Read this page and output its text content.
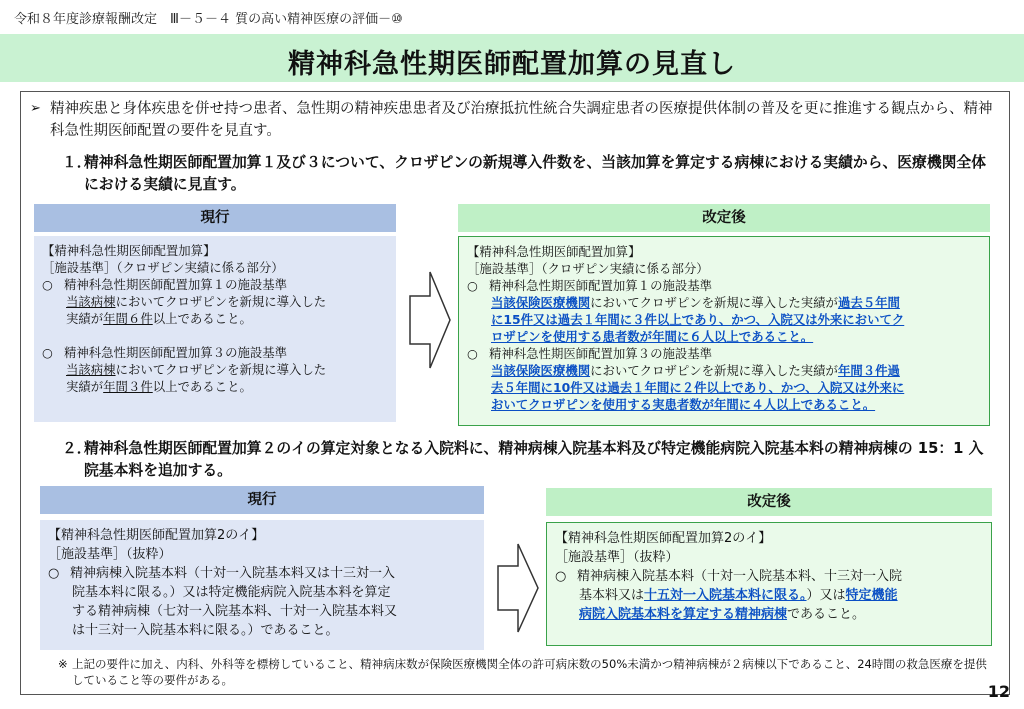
令和８年度診療報酬改定　Ⅲ－５－４ 質の高い精神医療の評価－⑩
精神科急性期医師配置加算の見直し
➢ 精神疾患と身体疾患を併せ持つ患者、急性期の精神疾患患者及び治療抵抗性統合失調症患者の医療提供体制の普及を更に推進する観点から、精神科急性期医師配置の要件を見直す。
１．
精神科急性期医師配置加算１及び３について、クロザピンの新規導入件数を、当該加算を算定する病棟における実績から、医療機関全体における実績に見直す。
現行
【精神科急性期医師配置加算】
［施設基準］（クロザピン実績に係る部分）
○ 精神科急性期医師配置加算１の施設基準
当該病棟においてクロザピンを新規に導入した
実績が年間６件以上であること。
○ 精神科急性期医師配置加算３の施設基準
当該病棟においてクロザピンを新規に導入した
実績が年間３件以上であること。
改定後
【精神科急性期医師配置加算】
［施設基準］（クロザピン実績に係る部分）
○ 精神科急性期医師配置加算１の施設基準
当該保険医療機関においてクロザピンを新規に導入した実績が過去５年間
に15件又は過去１年間に３件以上であり、かつ、入院又は外来においてク
ロザピンを使用する患者数が年間に６人以上であること。
○ 精神科急性期医師配置加算３の施設基準
当該保険医療機関においてクロザピンを新規に導入した実績が年間３件過
去５年間に10件又は過去１年間に２件以上であり、かつ、入院又は外来に
おいてクロザピンを使用する実患者数が年間に４人以上であること。
２．
精神科急性期医師配置加算２のイの算定対象となる入院料に、精神病棟入院基本料及び特定機能病院入院基本料の精神病棟の 15：1 入院基本料を追加する。
現行
【精神科急性期医師配置加算2のイ】
［施設基準］（抜粋）
○ 精神病棟入院基本料（十対一入院基本料又は十三対一入
院基本料に限る。）又は特定機能病院入院基本料を算定
する精神病棟（七対一入院基本料、十対一入院基本料又
は十三対一入院基本料に限る。）であること。
改定後
【精神科急性期医師配置加算2のイ】
［施設基準］（抜粋）
○ 精神病棟入院基本料（十対一入院基本料、十三対一入院
基本料又は十五対一入院基本料に限る。）又は特定機能
病院入院基本料を算定する精神病棟であること。
※ 上記の要件に加え、内科、外科等を標榜していること、精神病床数が保険医療機関全体の許可病床数の50%未満かつ精神病棟が２病棟以下であること、24時間の救急医療を提供していること等の要件がある。
12
